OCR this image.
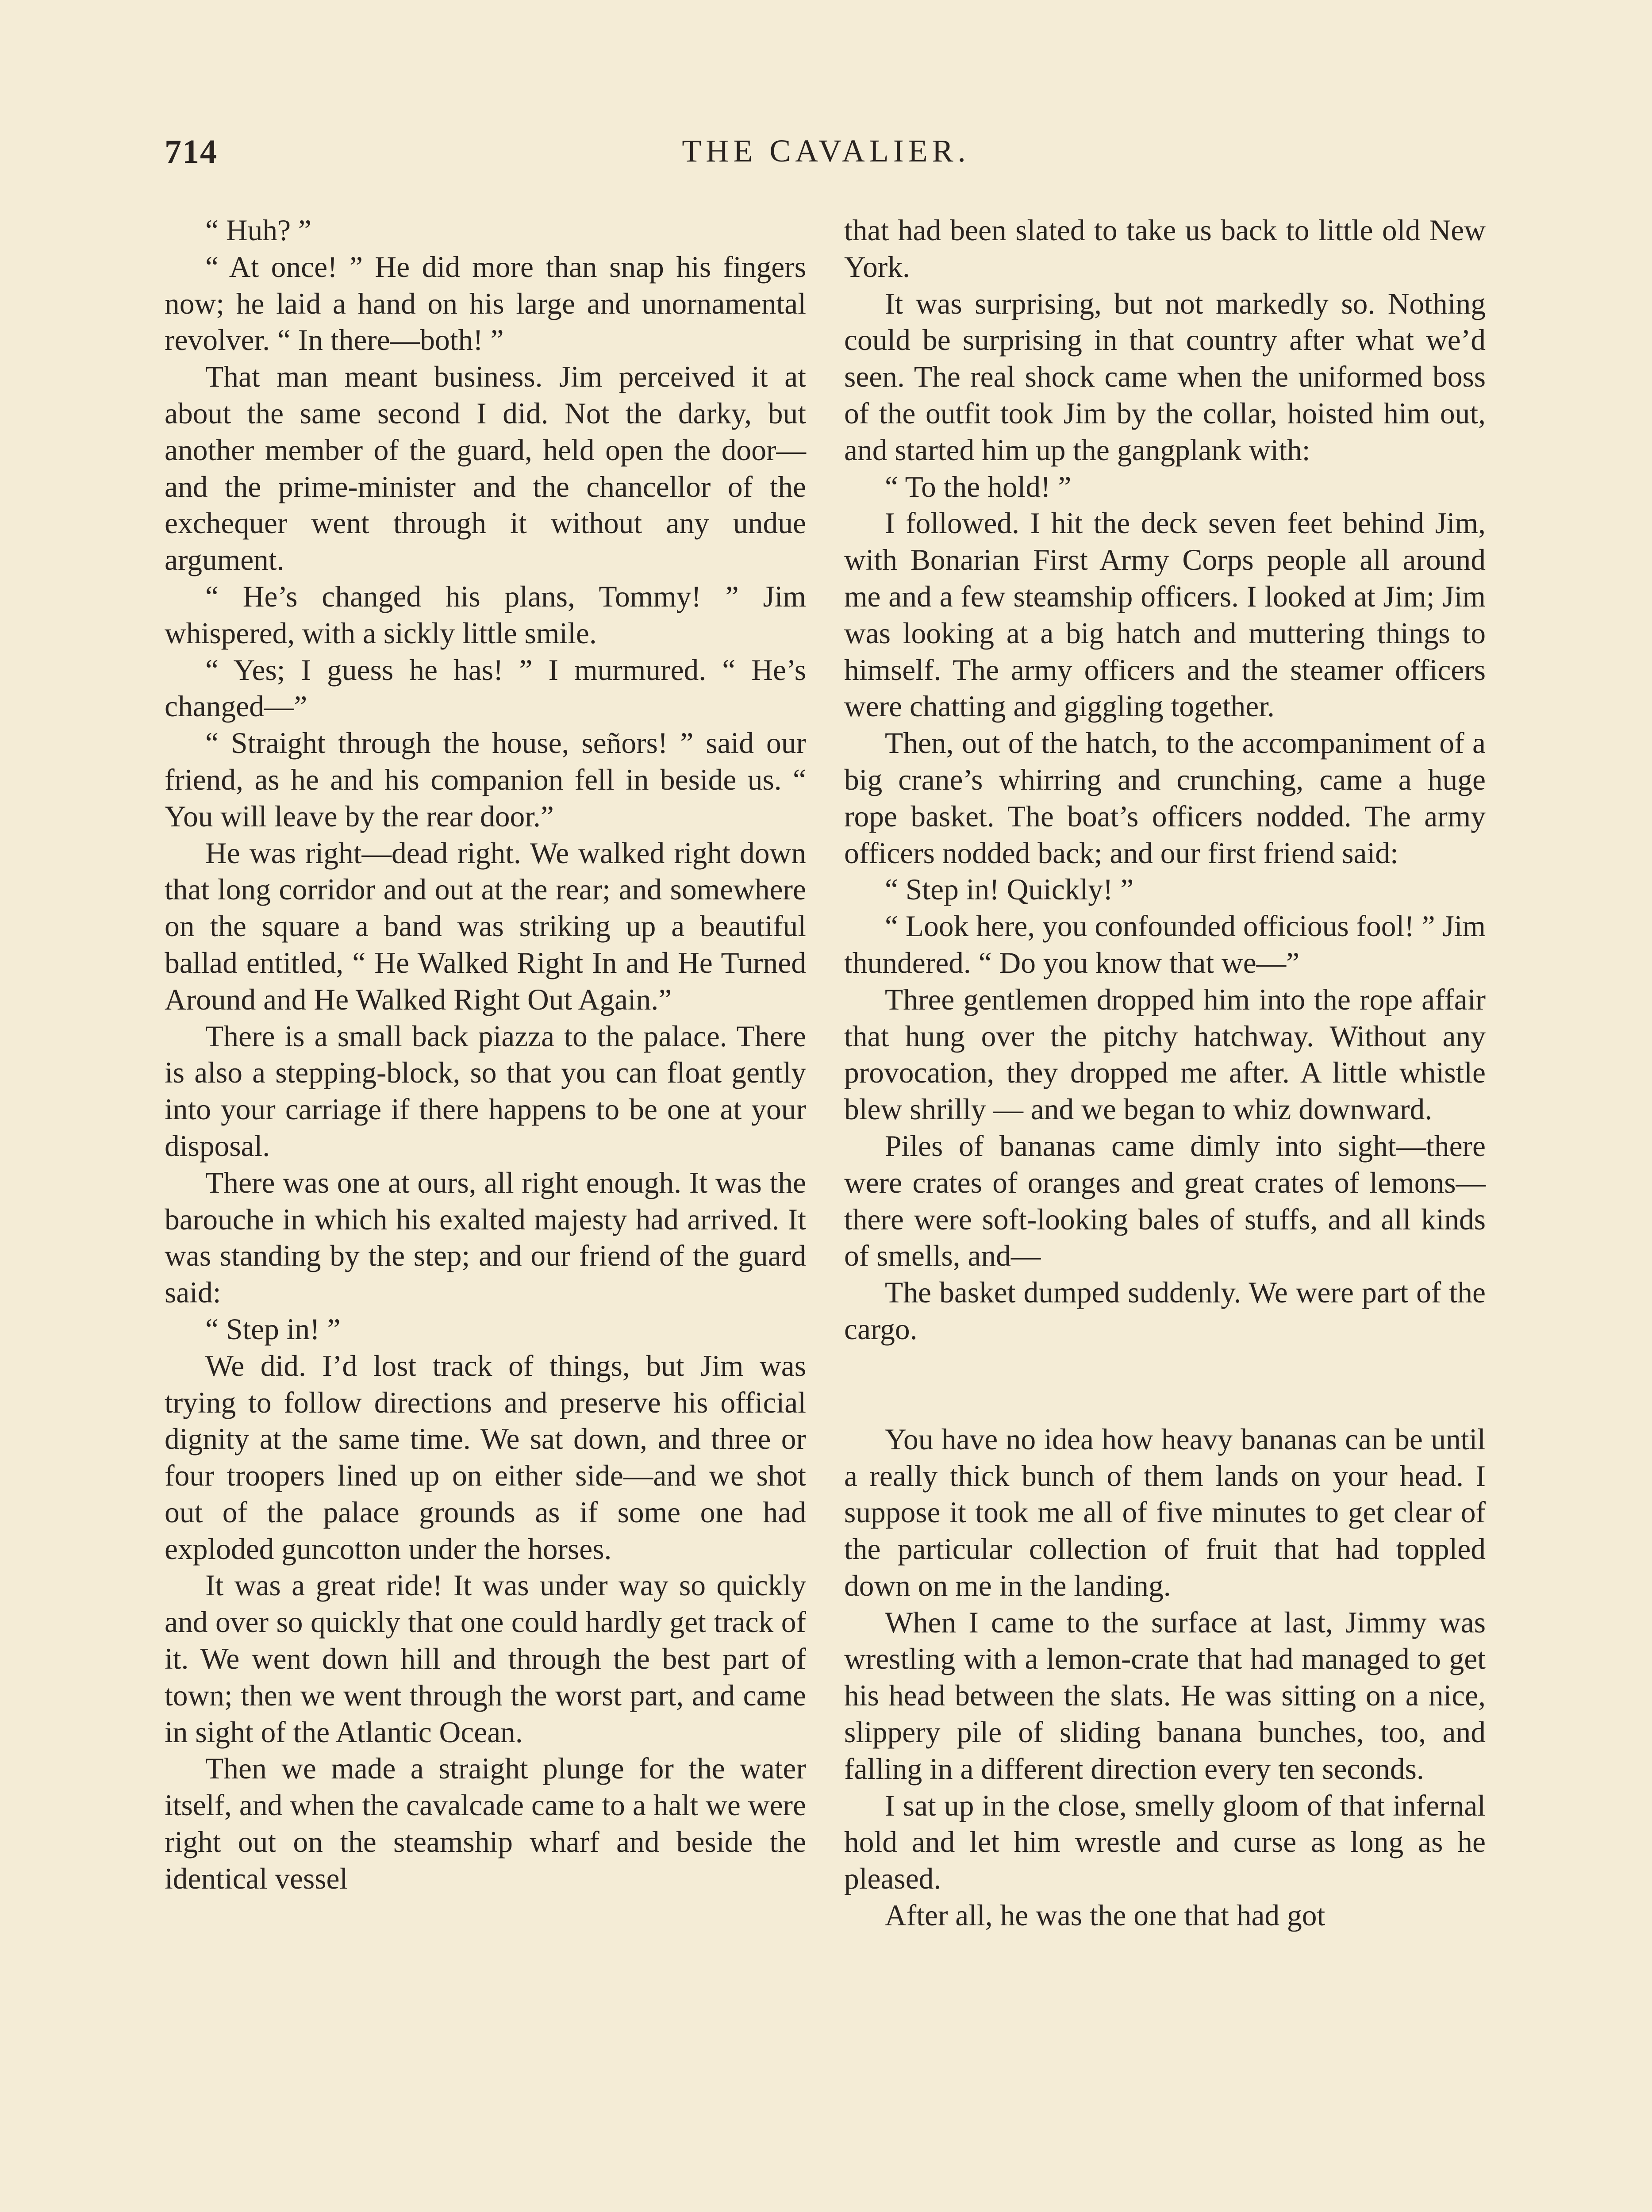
714	THE CAVALIER.

“ Huh? ”

“ At once! ” He did more than snap his fingers now; he laid a hand on his large and unornamental revolver. “ In there—both! ”

That man meant business. Jim perceived it at about the same second I did. Not the darky, but another member of the guard, held open the door—and the prime-minister and the chancellor of the exchequer went through it without any undue argument.

“ He’s changed his plans, Tommy! ” Jim whispered, with a sickly little smile.

“ Yes; I guess he has! ” I murmured. “ He’s changed—”

“ Straight through the house, señors! ” said our friend, as he and his companion fell in beside us. “ You will leave by the rear door.”

He was right—dead right. We walked right down that long corridor and out at the rear; and somewhere on the square a band was striking up a beautiful ballad entitled, “ He Walked Right In and He Turned Around and He Walked Right Out Again.”

There is a small back piazza to the palace. There is also a stepping-block, so that you can float gently into your carriage if there happens to be one at your disposal.

There was one at ours, all right enough. It was the barouche in which his exalted majesty had arrived. It was standing by the step; and our friend of the guard said:

“ Step in! ”

We did. I’d lost track of things, but Jim was trying to follow directions and preserve his official dignity at the same time. We sat down, and three or four troopers lined up on either side—and we shot out of the palace grounds as if some one had exploded guncotton under the horses.

It was a great ride! It was under way so quickly and over so quickly that one could hardly get track of it. We went down hill and through the best part of town; then we went through the worst part, and came in sight of the Atlantic Ocean.

Then we made a straight plunge for the water itself, and when the cavalcade came to a halt we were right out on the steamship wharf and beside the identical vessel

that had been slated to take us back to little old New York.

It was surprising, but not markedly so. Nothing could be surprising in that country after what we’d seen. The real shock came when the uniformed boss of the outfit took Jim by the collar, hoisted him out, and started him up the gangplank with:

“ To the hold! ”

I followed. I hit the deck seven feet behind Jim, with Bonarian First Army Corps people all around me and a few steamship officers. I looked at Jim; Jim was looking at a big hatch and muttering things to himself. The army officers and the steamer officers were chatting and giggling together.

Then, out of the hatch, to the accompaniment of a big crane’s whirring and crunching, came a huge rope basket. The boat’s officers nodded. The army officers nodded back; and our first friend said:

“ Step in! Quickly! ”

“ Look here, you confounded officious fool! ” Jim thundered. “ Do you know that we—”

Three gentlemen dropped him into the rope affair that hung over the pitchy hatchway. Without any provocation, they dropped me after. A little whistle blew shrilly — and we began to whiz downward.

Piles of bananas came dimly into sight—there were crates of oranges and great crates of lemons—there were soft-looking bales of stuffs, and all kinds of smells, and—

The basket dumped suddenly. We were part of the cargo.

You have no idea how heavy bananas can be until a really thick bunch of them lands on your head. I suppose it took me all of five minutes to get clear of the particular collection of fruit that had toppled down on me in the landing.

When I came to the surface at last, Jimmy was wrestling with a lemon-crate that had managed to get his head between the slats. He was sitting on a nice, slippery pile of sliding banana bunches, too, and falling in a different direction every ten seconds.

I sat up in the close, smelly gloom of that infernal hold and let him wrestle and curse as long as he pleased.

After all, he was the one that had got
